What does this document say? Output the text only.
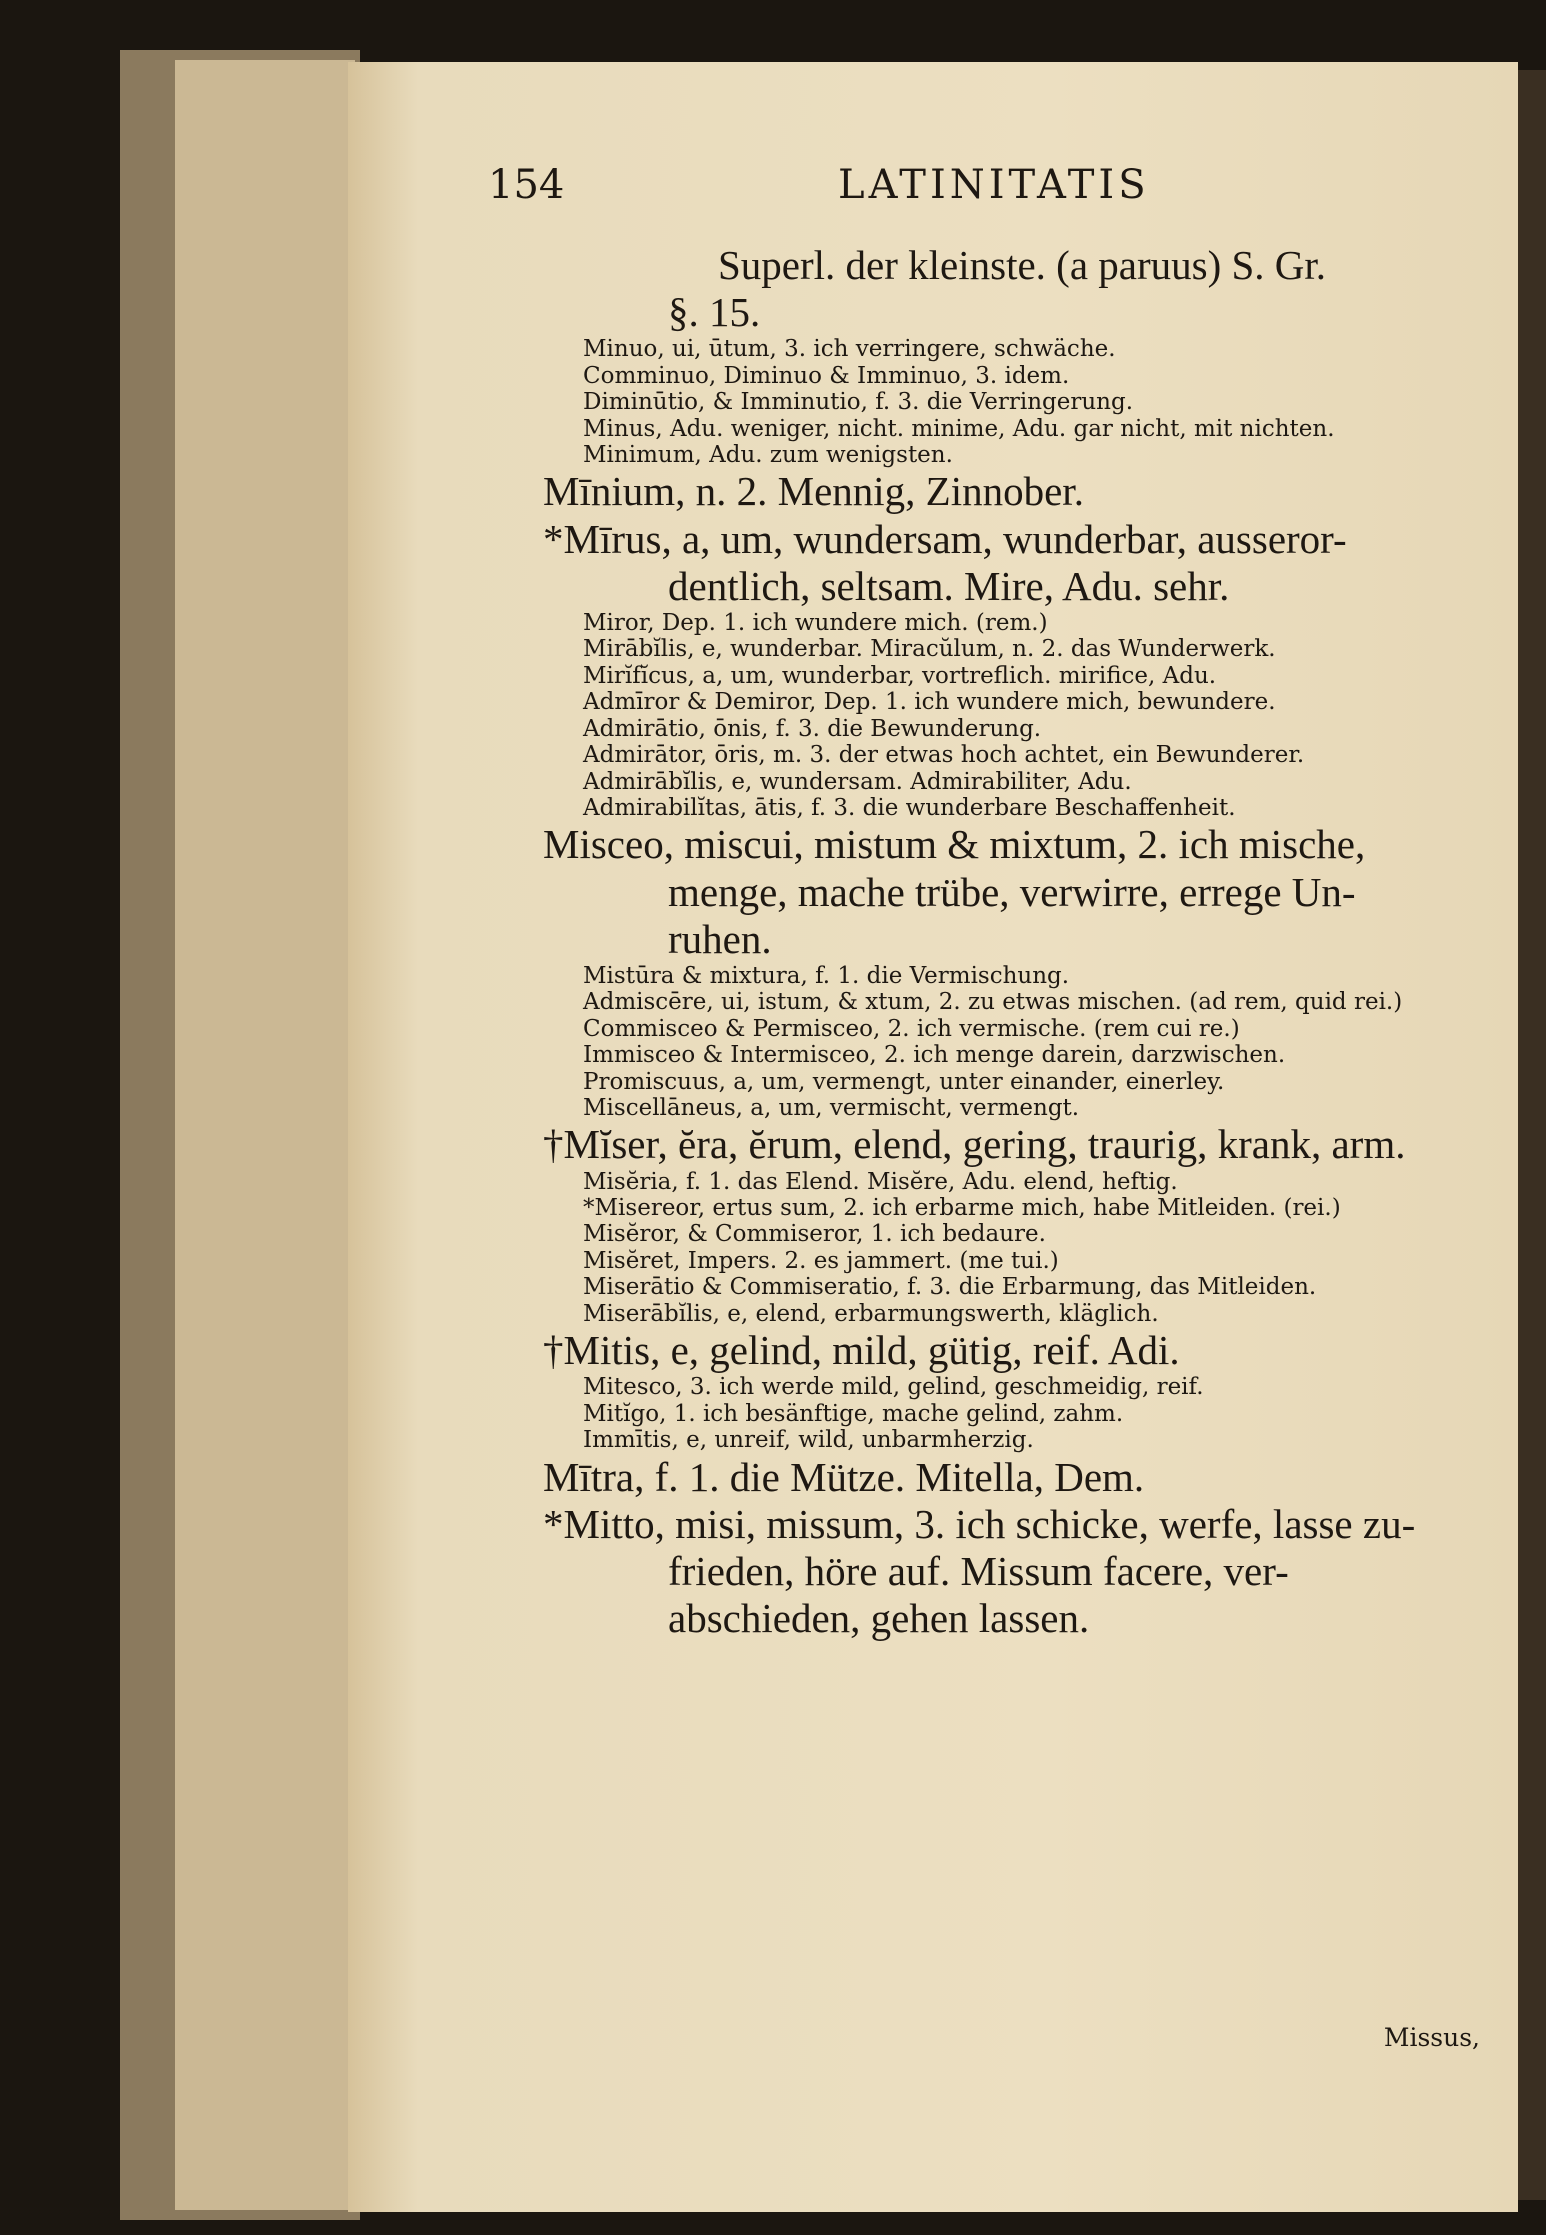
154	LATINITATIS
Superl. der kleinste. (a paruus) S. Gr.
§. 15.
Minuo, ui, ūtum, 3. ich verringere, schwäche.
Comminuo, Diminuo & Imminuo, 3. idem.
Diminūtio, & Imminutio, f. 3. die Verringerung.
Minus, Adu. weniger, nicht. minime, Adu. gar nicht, mit nichten.
Minimum, Adu. zum wenigsten.
Mīnium, n. 2. Mennig, Zinnober.
*Mīrus, a, um, wundersam, wunderbar, ausseror-
dentlich, seltsam. Mire, Adu. sehr.
Miror, Dep. 1. ich wundere mich. (rem.)
Mirābĭlis, e, wunderbar. Miracŭlum, n. 2. das Wunderwerk.
Mirĭfĭcus, a, um, wunderbar, vortreflich. mirifice, Adu.
Admīror & Demiror, Dep. 1. ich wundere mich, bewundere.
Admirātio, ōnis, f. 3. die Bewunderung.
Admirātor, ōris, m. 3. der etwas hoch achtet, ein Bewunderer.
Admirābĭlis, e, wundersam. Admirabiliter, Adu.
Admirabilĭtas, ātis, f. 3. die wunderbare Beschaffenheit.
Misceo, miscui, mistum & mixtum, 2. ich mische,
menge, mache trübe, verwirre, errege Un-
ruhen.
Mistūra & mixtura, f. 1. die Vermischung.
Admiscēre, ui, istum, & xtum, 2. zu etwas mischen. (ad rem, quid rei.)
Commisceo & Permisceo, 2. ich vermische. (rem cui re.)
Immisceo & Intermisceo, 2. ich menge darein, darzwischen.
Promiscuus, a, um, vermengt, unter einander, einerley.
Miscellāneus, a, um, vermischt, vermengt.
†Mĭser, ĕra, ĕrum, elend, gering, traurig, krank, arm.
Misĕria, f. 1. das Elend. Misĕre, Adu. elend, heftig.
*Misereor, ertus sum, 2. ich erbarme mich, habe Mitleiden. (rei.)
Misĕror, & Commiseror, 1. ich bedaure.
Misĕret, Impers. 2. es jammert. (me tui.)
Miserātio & Commiseratio, f. 3. die Erbarmung, das Mitleiden.
Miserābĭlis, e, elend, erbarmungswerth, kläglich.
†Mitis, e, gelind, mild, gütig, reif. Adi.
Mitesco, 3. ich werde mild, gelind, geschmeidig, reif.
Mitĭgo, 1. ich besänftige, mache gelind, zahm.
Immītis, e, unreif, wild, unbarmherzig.
Mītra, f. 1. die Mütze. Mitella, Dem.
*Mitto, misi, missum, 3. ich schicke, werfe, lasse zu-
frieden, höre auf. Missum facere, ver-
abschieden, gehen lassen.
Missus,
